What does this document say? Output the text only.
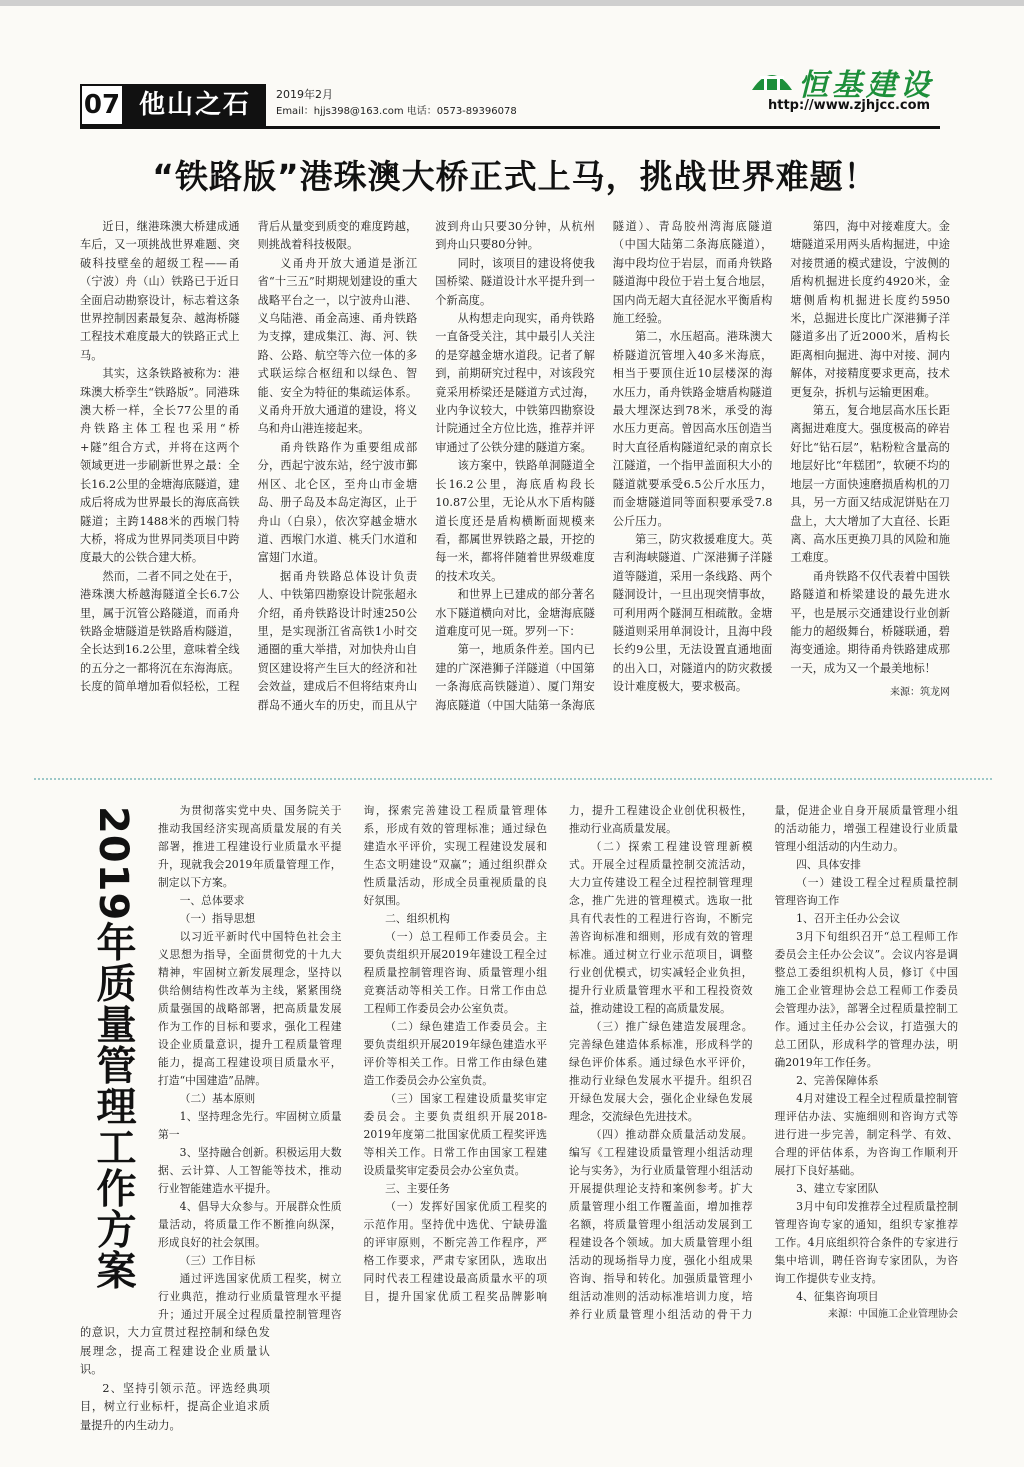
07 他山之石	2019年2月
Email：hjjs398@163.com 电话：0573-89396078
恒基建设
http://www.zjhjcc.com
“铁路版”港珠澳大桥正式上马，挑战世界难题！

近日，继港珠澳大桥建成通车后，又一项挑战世界难题、突破科技壁垒的超级工程——甬（宁波）舟（山）铁路已于近日全面启动勘察设计，标志着这条世界控制因素最复杂、越海桥隧工程技术难度最大的铁路正式上马。

其实，这条铁路被称为：港珠澳大桥孪生“铁路版”。同港珠澳大桥一样，全长77公里的甬舟铁路主体工程也采用“桥+隧”组合方式，并将在这两个领域更进一步刷新世界之最：全长16.2公里的金塘海底隧道，建成后将成为世界最长的海底高铁隧道；主跨1488米的西堠门特大桥，将成为世界同类项目中跨度最大的公铁合建大桥。

然而，二者不同之处在于，港珠澳大桥越海隧道全长6.7公里，属于沉管公路隧道，而甬舟铁路金塘隧道是铁路盾构隧道，全长达到16.2公里，意味着全线的五分之一都将沉在东海海底。长度的简单增加看似轻松，工程背后从量变到质变的难度跨越，则挑战着科技极限。

义甬舟开放大通道是浙江省“十三五”时期规划建设的重大战略平台之一，以宁波舟山港、义乌陆港、甬金高速、甬舟铁路为支撑，建成集江、海、河、铁路、公路、航空等六位一体的多式联运综合枢纽和以绿色、智能、安全为特征的集疏运体系。义甬舟开放大通道的建设，将义乌和舟山港连接起来。

甬舟铁路作为重要组成部分，西起宁波东站，经宁波市鄞州区、北仑区，至舟山市金塘岛、册子岛及本岛定海区，止于舟山（白泉），依次穿越金塘水道、西堠门水道、桃夭门水道和富翅门水道。

据甬舟铁路总体设计负责人、中铁第四勘察设计院张超永介绍，甬舟铁路设计时速250公里，是实现浙江省高铁1小时交通圈的重大举措，对加快舟山自贸区建设将产生巨大的经济和社会效益，建成后不但将结束舟山群岛不通火车的历史，而且从宁波到舟山只要30分钟，从杭州到舟山只要80分钟。

同时，该项目的建设将使我国桥梁、隧道设计水平提升到一个新高度。

从构想走向现实，甬舟铁路一直备受关注，其中最引人关注的是穿越金塘水道段。记者了解到，前期研究过程中，对该段究竟采用桥梁还是隧道方式过海，业内争议较大，中铁第四勘察设计院通过全方位比选，推荐并评审通过了公铁分建的隧道方案。

该方案中，铁路单洞隧道全长16.2公里，海底盾构段长10.87公里，无论从水下盾构隧道长度还是盾构横断面规模来看，都属世界铁路之最，开挖的每一米，都将伴随着世界级难度的技术攻关。

和世界上已建成的部分著名水下隧道横向对比，金塘海底隧道难度可见一斑。罗列一下：

第一，地质条件差。国内已建的广深港狮子洋隧道（中国第一条海底高铁隧道）、厦门翔安海底隧道（中国大陆第一条海底隧道）、青岛胶州湾海底隧道（中国大陆第二条海底隧道），海中段均位于岩层，而甬舟铁路隧道海中段位于岩土复合地层，国内尚无超大直径泥水平衡盾构施工经验。

第二，水压超高。港珠澳大桥隧道沉管埋入40多米海底，相当于要顶住近10层楼深的海水压力，甬舟铁路金塘盾构隧道最大埋深达到78米，承受的海水压力更高。曾因高水压创造当时大直径盾构隧道纪录的南京长江隧道，一个指甲盖面积大小的隧道就要承受6.5公斤水压力，而金塘隧道同等面积要承受7.8公斤压力。

第三，防灾救援难度大。英吉利海峡隧道、广深港狮子洋隧道等隧道，采用一条线路、两个隧洞设计，一旦出现突情事故，可利用两个隧洞互相疏散。金塘隧道则采用单洞设计，且海中段长约9公里，无法设置直通地面的出入口，对隧道内的防灾救援设计难度极大，要求极高。

第四，海中对接难度大。金塘隧道采用两头盾构掘进，中途对接贯通的模式建设，宁波侧的盾构机掘进长度约4920米，金塘侧盾构机掘进长度约5950米，总掘进长度比广深港狮子洋隧道多出了近2000米，盾构长距离相向掘进、海中对接、洞内解体，对接精度要求更高，技术更复杂，拆机与运输更困难。

第五，复合地层高水压长距离掘进难度大。强度极高的碎岩好比“钻石层”，粘粉粒含量高的地层好比“年糕团”，软硬不均的地层一方面快速磨损盾构机的刀具，另一方面又结成泥饼贴在刀盘上，大大增加了大直径、长距离、高水压更换刀具的风险和施工难度。

甬舟铁路不仅代表着中国铁路隧道和桥梁建设的最先进水平，也是展示交通建设行业创新能力的超级舞台，桥隧联通，碧海变通途。期待甬舟铁路建成那一天，成为又一个最美地标！

来源：筑龙网

2019年质量管理工作方案	为贯彻落实党中央、国务院关于推动我国经济实现高质量发展的有关部署，推进工程建设行业质量水平提升，现就我会2019年质量管理工作，制定以下方案。

一、总体要求

（一）指导思想

以习近平新时代中国特色社会主义思想为指导，全面贯彻党的十九大精神，牢固树立新发展理念，坚持以供给侧结构性改革为主线，紧紧围绕质量强国的战略部署，把高质量发展作为工作的目标和要求，强化工程建设企业质量意识，提升工程质量管理能力，提高工程建设项目质量水平，打造“中国建造”品牌。

（二）基本原则

1、坚持理念先行。牢固树立质量第一

3、坚持融合创新。积极运用大数据、云计算、人工智能等技术，推动行业智能建造水平提升。

4、倡导大众参与。开展群众性质量活动，将质量工作不断推向纵深，形成良好的社会氛围。

（三）工作目标

通过评选国家优质工程奖，树立行业典范，推动行业质量管理水平提升；通过开展全过程质量控制管理咨询，探索完善建设工程质量管理体系，形成有效的管理标准；通过绿色建造水平评价，实现工程建设发展和生态文明建设“双赢”；通过组织群众性质量活动，形成全员重视质量的良好氛围。

二、组织机构

（一）总工程师工作委员会。主要负责组织开展2019年建设工程全过程质量控制管理咨询、质量管理小组竞赛活动等相关工作。日常工作由总工程师工作委员会办公室负责。

（二）绿色建造工作委员会。主要负责组织开展2019年绿色建造水平评价等相关工作。日常工作由绿色建造工作委员会办公室负责。

（三）国家工程建设质量奖审定委员会。主要负责组织开展2018-2019年度第二批国家优质工程奖评选等相关工作。日常工作由国家工程建设质量奖审定委员会办公室负责。

三、主要任务

（一）发挥好国家优质工程奖的示范作用。坚持优中选优、宁缺毋滥的评审原则，不断完善工作程序，严格工作要求，严肃专家团队，选取出同时代表工程建设最高质量水平的项目，提升国家优质工程奖品牌影响力，提升工程建设企业创优积极性，推动行业高质量发展。

（二）探索工程建设管理新模式。开展全过程质量控制交流活动，大力宣传建设工程全过程控制管理理念，推广先进的管理模式。选取一批具有代表性的工程进行咨询，不断完善咨询标准和细则，形成有效的管理标准。通过树立行业示范项目，调整行业创优模式，切实减轻企业负担，提升行业质量管理水平和工程投资效益，推动建设工程的高质量发展。

（三）推广绿色建造发展理念。完善绿色建造体系标准，形成科学的绿色评价体系。通过绿色水平评价，推动行业绿色发展水平提升。组织召开绿色发展大会，强化企业绿色发展理念，交流绿色先进技术。

（四）推动群众质量活动发展。编写《工程建设质量管理小组活动理论与实务》，为行业质量管理小组活动开展提供理论支持和案例参考。扩大质量管理小组工作覆盖面，增加推荐名额，将质量管理小组活动发展到工程建设各个领域。加大质量管理小组活动的现场指导力度，强化小组成果咨询、指导和转化。加强质量管理小组活动准则的活动标准培训力度，培养行业质量管理小组活动的骨干力量，促进企业自身开展质量管理小组的活动能力，增强工程建设行业质量管理小组活动的内生动力。

四、具体安排

（一）建设工程全过程质量控制管理咨询工作

1、召开主任办公会议

3月下旬组织召开“总工程师工作委员会主任办公会议”。会议内容是调整总工委组织机构人员，修订《中国施工企业管理协会总工程师工作委员会管理办法》，部署全过程质量控制工作。通过主任办公会议，打造强大的总工团队，形成科学的管理办法，明确2019年工作任务。

2、完善保障体系

4月对建设工程全过程质量控制管理评估办法、实施细则和咨询方式等进行进一步完善，制定科学、有效、合理的评估体系，为咨询工作顺利开展打下良好基础。

3、建立专家团队

3月中旬印发推荐全过程质量控制管理咨询专家的通知，组织专家推荐工作。4月底组织符合条件的专家进行集中培训，聘任咨询专家团队，为咨询工作提供专业支持。

4、征集咨询项目

来源：中国施工企业管理协会

的意识，大力宣贯过程控制和绿色发展理念，提高工程建设企业质量认识。

2、坚持引领示范。评选经典项目，树立行业标杆，提高企业追求质量提升的内生动力。
